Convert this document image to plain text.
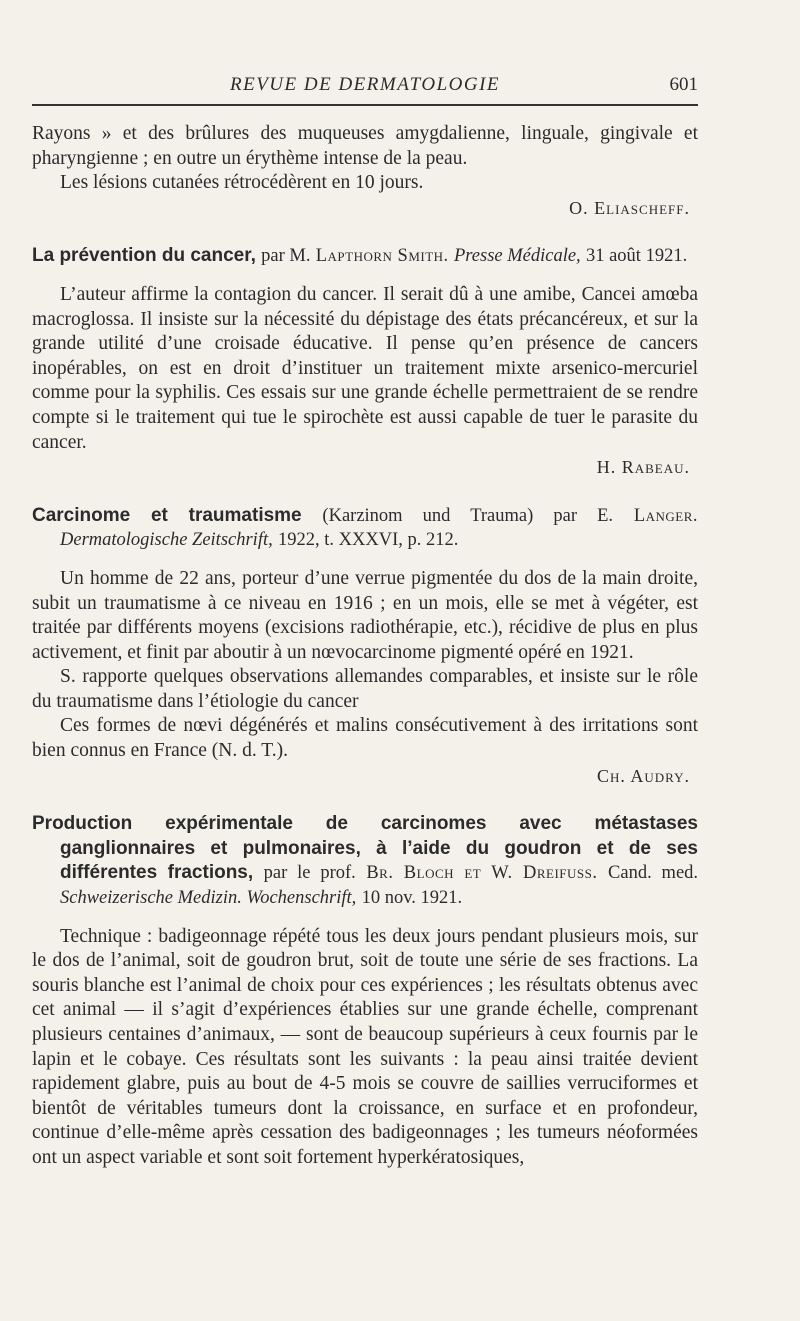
REVUE DE DERMATOLOGIE	601

Rayons » et des brûlures des muqueuses amygdalienne, linguale, gingivale et pharyngienne ; en outre un érythème intense de la peau.

Les lésions cutanées rétrocédèrent en 10 jours.

O. Eliascheff.
La prévention du cancer, par M. Lapthorn Smith. Presse Médicale, 31 août 1921.

L’auteur affirme la contagion du cancer. Il serait dû à une amibe, Cancei amœba macroglossa. Il insiste sur la nécessité du dépistage des états précancéreux, et sur la grande utilité d’une croisade éducative. Il pense qu’en présence de cancers inopérables, on est en droit d’instituer un traitement mixte arsenico-mercuriel comme pour la syphilis. Ces essais sur une grande échelle permettraient de se rendre compte si le traitement qui tue le spirochète est aussi capable de tuer le parasite du cancer.

H. Rabeau.
Carcinome et traumatisme (Karzinom und Trauma) par E. Langer. Dermatologische Zeitschrift, 1922, t. XXXVI, p. 212.

Un homme de 22 ans, porteur d’une verrue pigmentée du dos de la main droite, subit un traumatisme à ce niveau en 1916 ; en un mois, elle se met à végéter, est traitée par différents moyens (excisions radiothérapie, etc.), récidive de plus en plus activement, et finit par aboutir à un nœvocarcinome pigmenté opéré en 1921.

S. rapporte quelques observations allemandes comparables, et insiste sur le rôle du traumatisme dans l’étiologie du cancer

Ces formes de nœvi dégénérés et malins consécutivement à des irritations sont bien connus en France (N. d. T.).

Ch. Audry.
Production expérimentale de carcinomes avec métastases ganglionnaires et pulmonaires, à l’aide du goudron et de ses différentes fractions, par le prof. Br. Bloch et W. Dreifuss. Cand. med. Schweizerische Medizin. Wochenschrift, 10 nov. 1921.

Technique : badigeonnage répété tous les deux jours pendant plusieurs mois, sur le dos de l’animal, soit de goudron brut, soit de toute une série de ses fractions. La souris blanche est l’animal de choix pour ces expériences ; les résultats obtenus avec cet animal — il s’agit d’expériences établies sur une grande échelle, comprenant plusieurs centaines d’animaux, — sont de beaucoup supérieurs à ceux fournis par le lapin et le cobaye. Ces résultats sont les suivants : la peau ainsi traitée devient rapidement glabre, puis au bout de 4-5 mois se couvre de saillies verruciformes et bientôt de véritables tumeurs dont la croissance, en surface et en profondeur, continue d’elle-même après cessation des badigeonnages ; les tumeurs néoformées ont un aspect variable et sont soit fortement hyperkératosiques,
